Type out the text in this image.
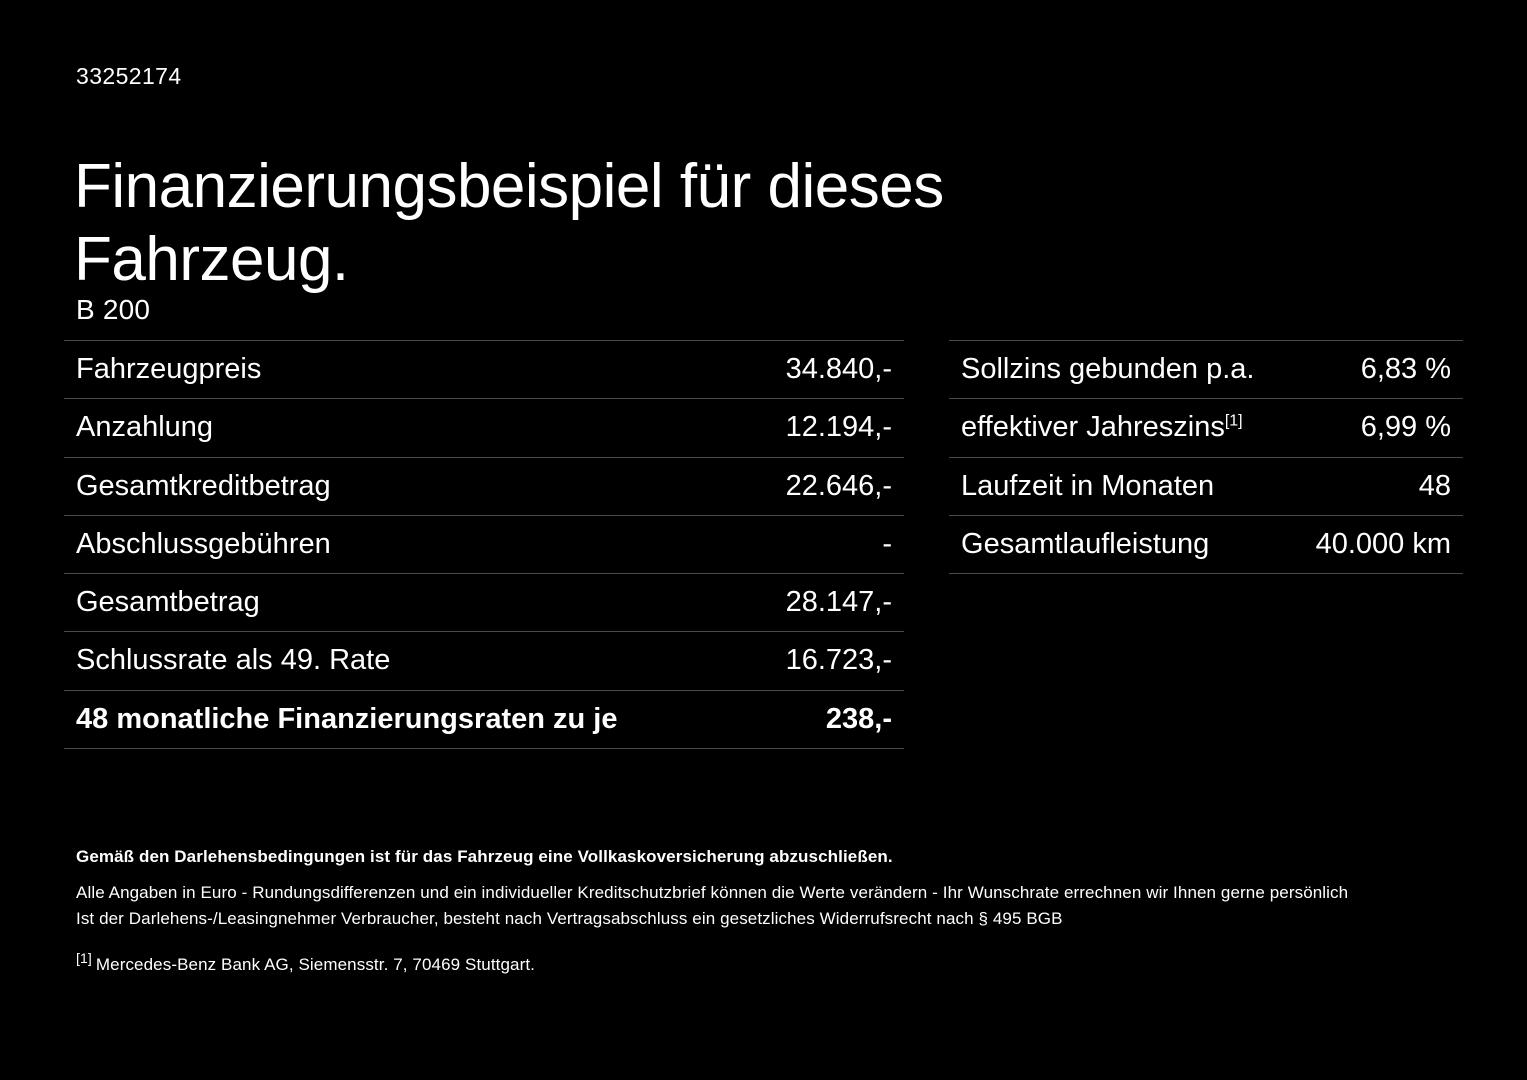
33252174
Finanzierungsbeispiel für dieses Fahrzeug.
B 200
Fahrzeugpreis	34.840,-
Anzahlung	12.194,-
Gesamtkreditbetrag	22.646,-
Abschlussgebühren	-
Gesamtbetrag	28.147,-
Schlussrate als 49. Rate	16.723,-
48 monatliche Finanzierungsraten zu je	238,-
Sollzins gebunden p.a.	6,83 %
effektiver Jahreszins[1]	6,99 %
Laufzeit in Monaten	48
Gesamtlaufleistung	40.000 km
Gemäß den Darlehensbedingungen ist für das Fahrzeug eine Vollkaskoversicherung abzuschließen.
Alle Angaben in Euro - Rundungsdifferenzen und ein individueller Kreditschutzbrief können die Werte verändern - Ihr Wunschrate errechnen wir Ihnen gerne persönlich
Ist der Darlehens-/Leasingnehmer Verbraucher, besteht nach Vertragsabschluss ein gesetzliches Widerrufsrecht nach § 495 BGB
[1] Mercedes-Benz Bank AG, Siemensstr. 7, 70469 Stuttgart.
